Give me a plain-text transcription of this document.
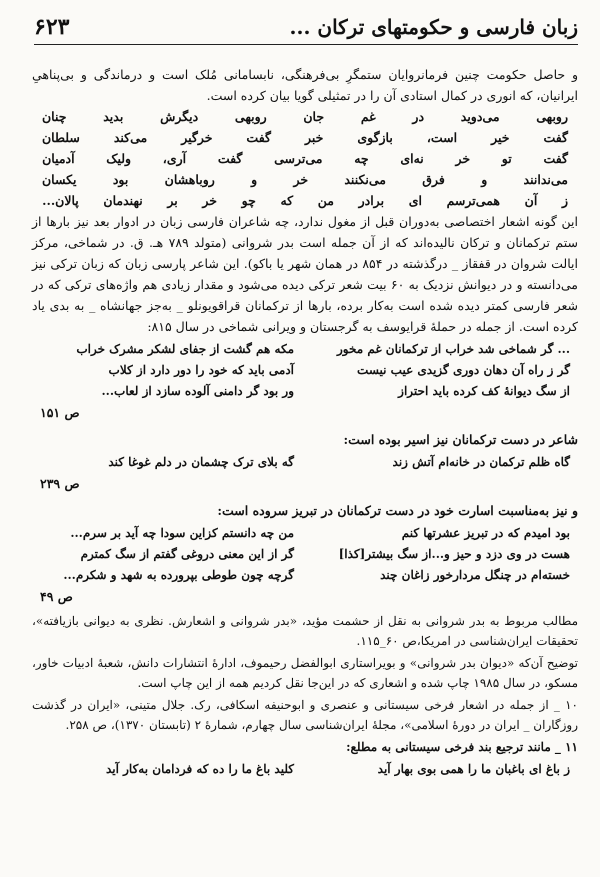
زبان فارسی و حکومتهای ترکان ...
۶۲۳

و حاصل حکومت چنین فرمانروایان ستمگرِ بی‌فرهنگی، نابسامانی مُلک است و درماندگی و بی‌پناهیِ ایرانیان، که انوری در کمال استادی آن را در تمثیلی گویا بیان کرده است.

روبهی
می‌دوید
در
غم
جان
روبهی
دیگرش
بدید
چنان
گفت
خیر
است،
بازگوی
خبر
گفت
خرگیر
می‌کند
سلطان
گفت
تو
خر
نه‌ای
چه
می‌ترسی
گفت
آری،
ولیک
آدمیان
می‌ندانند
و
فرق
می‌نکنند
خر
و
روباهشان
بود
یکسان
ز
آن
همی‌ترسم
ای
برادر
من
که
چو
خر
بر
نهندمان
پالان...

این گونه اشعار اختصاصی به‌دوران قبل از مغول ندارد، چه شاعران فارسی زبان در ادوار بعد نیز بارها از ستم ترکمانان و ترکان نالیده‌اند که از آن جمله است بدر شروانی (متولد ۷۸۹ هـ. ق. در شماخی، مرکز ایالت شروان در قفقاز _ درگذشته در ۸۵۴ در همان شهر یا باکو). این شاعر پارسی زبان که زبان ترکی نیز می‌دانسته و در دیوانش نزدیک به ۶۰ بیت شعر ترکی دیده می‌شود و مقدار زیادی هم واژه‌های ترکی که در شعر فارسی کمتر دیده شده است به‌کار برده، بارها از ترکمانان قراقویونلو _ به‌جز جهانشاه _ به بدی یاد کرده است. از جمله در حملهٔ قرایوسف به گرجستان و ویرانی شماخی در سال ۸۱۵:

... گر شماخی شد خراب از ترکمانان غم مخور
مکه هم گشت از جفای لشکر مشرک خراب
گر ز راه آن دهان دوری گزیدی عیب نیست
آدمی باید که خود را دور دارد از کلاب
از سگ دیوانهٔ کف کرده باید احتراز
ور بود گر دامنی آلوده سازد از لعاب...
ص ۱۵۱

شاعر در دست ترکمانان نیز اسیر بوده است:

گاه ظلم ترکمان در خانه‌ام آتش زند
گه بلای ترک چشمان در دلم غوغا کند
ص ۲۳۹

و نیز به‌مناسبت اسارت خود در دست ترکمانان در تبریز سروده است:

بود امیدم که در تبریز عشرتها کنم
من چه دانستم کزاین سودا چه آید بر سرم...
هست در وی دزد و حیز و...از سگ بیشتر[کذا]
گر از این معنی دروغی گفتم از سگ کمترم
خسته‌ام در چنگل مردارخور زاغان چند
گرچه چون طوطی بپرورده به شهد و شکرم...
ص ۴۹

مطالب مربوط به بدر شروانی به نقل از حشمت مؤید، «بدر شروانی و اشعارش. نظری به دیوانی بازیافته»، تحقیقات ایران‌شناسی در امریکا،ص ۶۰_۱۱۵.

توضیح آن‌که «دیوان بدر شروانی» و بویراستاری ابوالفضل رحیموف، ادارهٔ انتشارات دانش، شعبهٔ ادبیات خاور، مسکو، در سال ۱۹۸۵ چاپ شده و اشعاری که در این‌جا نقل کردیم همه از این چاپ است.

۱۰ _ از جمله در اشعار فرخی سیستانی و عنصری و ابوحنیفه اسکافی، رک. جلال متینی، «ایران در گذشت روزگاران _ ایران در دورهٔ اسلامی»، مجلهٔ ایران‌شناسی سال چهارم، شمارهٔ ۲ (تابستان ۱۳۷۰)، ص ۲۵۸.

۱۱ _ مانند ترجیع بند فرخی سیستانی به مطلع:

ز باغ ای باغبان ما را همی بوی بهار آید
کلید باغ ما را ده که فردامان به‌کار آید
